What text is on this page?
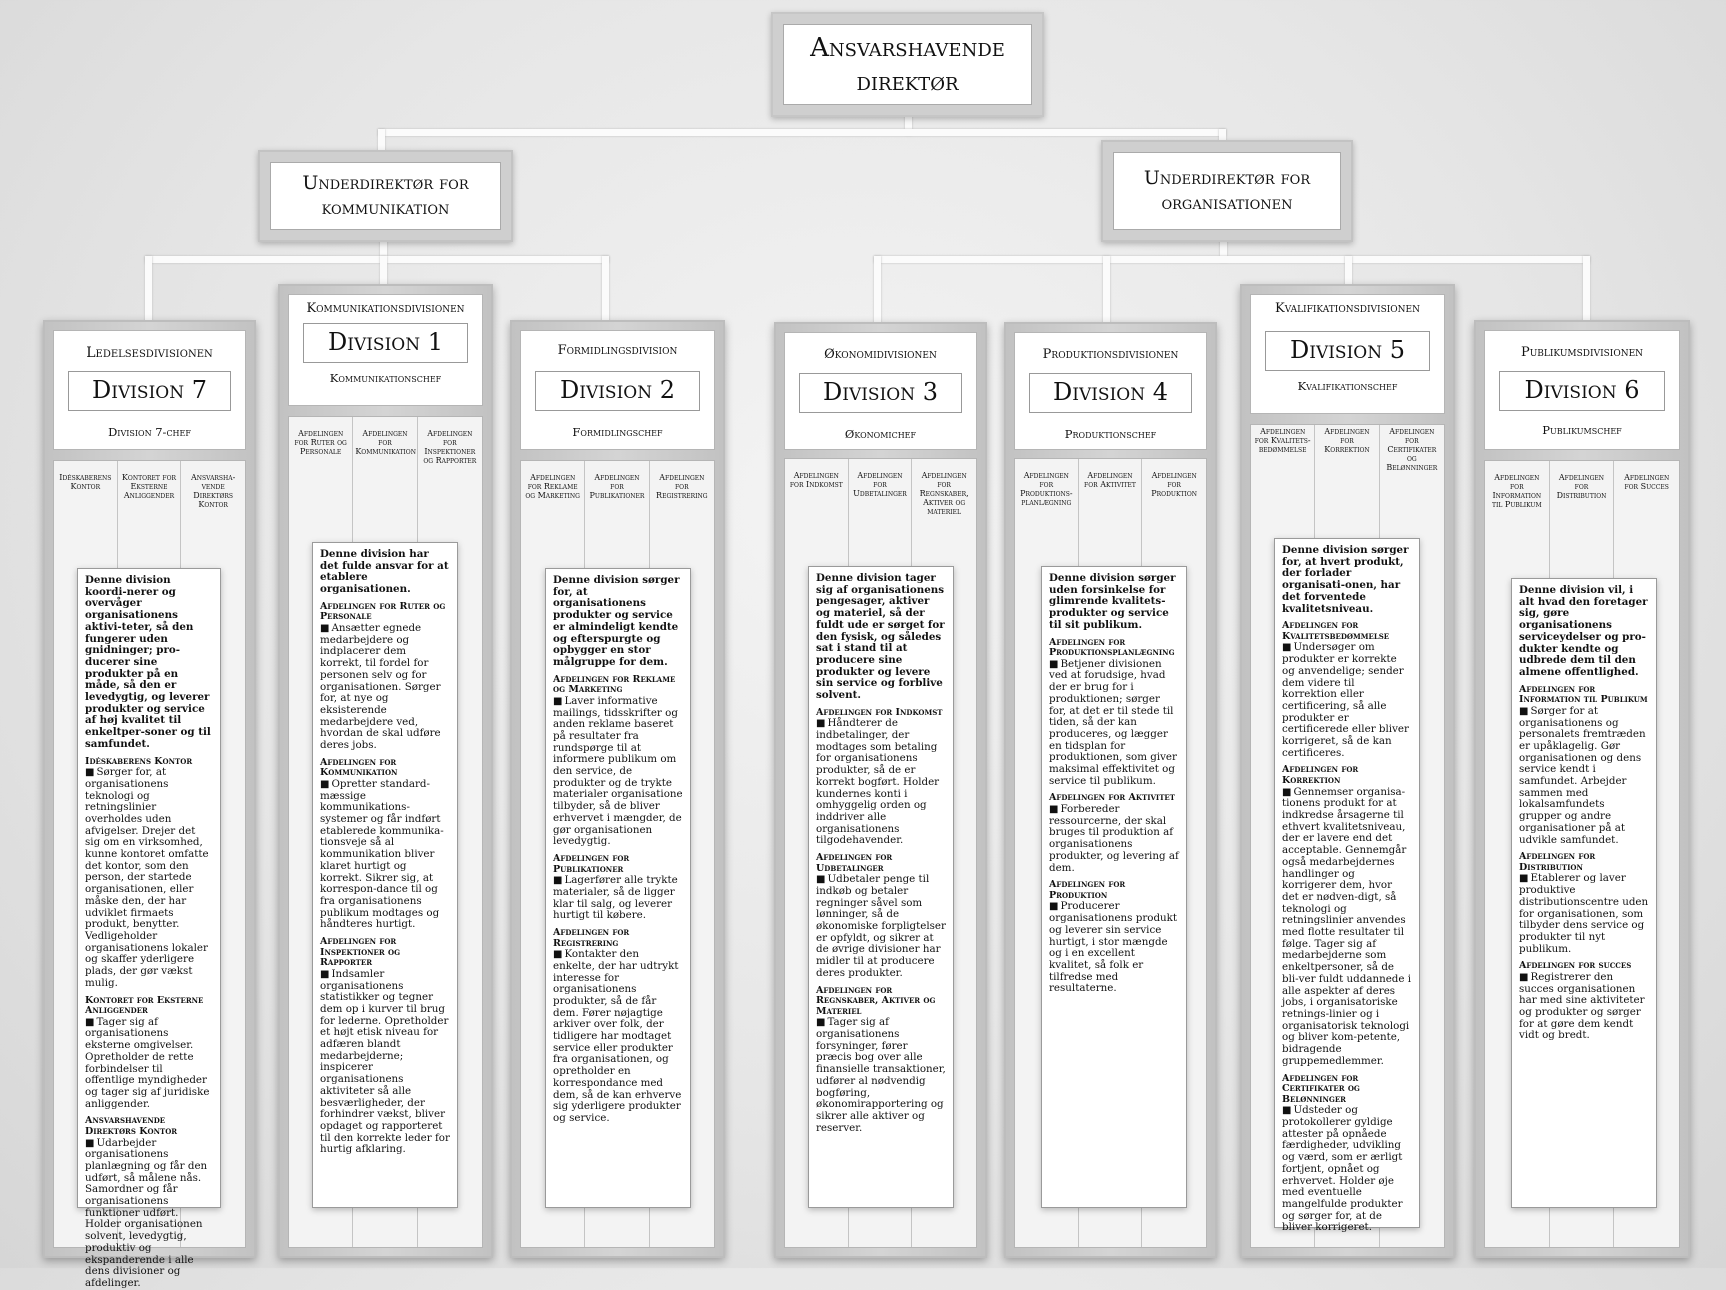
Ansvarshavende
direktør
Underdirektør for
kommunikation
Underdirektør for
organisationen
Ledelsesdivisionen
Division 7
Division 7-chef
Idéskaberens Kontor
Kontoret for Eksterne Anliggender
Ansvarsha-vende Direktørs Kontor
Denne division koordi-nerer og overvåger organisationens aktivi-teter, så den fungerer uden gnidninger; pro-ducerer sine produkter på en måde, så den er levedygtig, og leverer produkter og service af høj kvalitet til enkeltper-soner og til samfundet.
Idéskaberens Kontor
■ Sørger for, at organisationens teknologi og retningslinier overholdes uden afvigelser. Drejer det sig om en virksomhed, kunne kontoret omfatte det kontor, som den person, der startede organisationen, eller måske den, der har udviklet firmaets produkt, benytter. Vedligeholder organisationens lokaler og skaffer yderligere plads, der gør vækst mulig.
Kontoret for Eksterne Anliggender
■ Tager sig af organisationens eksterne omgivelser. Opretholder de rette forbindelser til offentlige myndigheder og tager sig af juridiske anliggender.
Ansvarshavende Direktørs Kontor
■ Udarbejder organisationens planlægning og får den udført, så målene nås. Samordner og får organisationens funktioner udført. Holder organisationen solvent, levedygtig, produktiv og ekspanderende i alle dens divisioner og afdelinger.
Kommunikationsdivisionen
Division 1
Kommunikationschef
Afdelingen for Ruter og Personale
Afdelingen for Kommunikation
Afdelingen for Inspektioner og Rapporter
Denne division har det fulde ansvar for at etablere organisationen.
Afdelingen for Ruter og Personale
■ Ansætter egnede medarbejdere og indplacerer dem korrekt, til fordel for personen selv og for organisationen. Sørger for, at nye og eksisterende medarbejdere ved, hvordan de skal udføre deres jobs.
Afdelingen for Kommunikation
■ Opretter standard-mæssige kommunikations-systemer og får indført etablerede kommunika-tionsveje så al kommunikation bliver klaret hurtigt og korrekt. Sikrer sig, at korrespon-dance til og fra organisationens publikum modtages og håndteres hurtigt.
Afdelingen for Inspektioner og Rapporter
■ Indsamler organisationens statistikker og tegner dem op i kurver til brug for lederne. Opretholder et højt etisk niveau for adfæren blandt medarbejderne; inspicerer organisationens aktiviteter så alle besværligheder, der forhindrer vækst, bliver opdaget og rapporteret til den korrekte leder for hurtig afklaring.
Formidlingsdivision
Division 2
Formidlingschef
Afdelingen for Reklame og Marketing
Afdelingen for Publikationer
Afdelingen for Registrering
Denne division sørger for, at organisationens produkter og service er almindeligt kendte og efterspurgte og opbygger en stor målgruppe for dem.
Afdelingen for Reklame og Marketing
■ Laver informative mailings, tidsskrifter og anden reklame baseret på resultater fra rundspørge til at informere publikum om den service, de produkter og de trykte materialer organisatione tilbyder, så de bliver erhvervet i mængder, de gør organisationen levedygtig.
Afdelingen for Publikationer
■ Lagerfører alle trykte materialer, så de ligger klar til salg, og leverer hurtigt til købere.
Afdelingen for Registrering
■ Kontakter den enkelte, der har udtrykt interesse for organisationens produkter, så de får dem. Fører nøjagtige arkiver over folk, der tidligere har modtaget service eller produkter fra organisationen, og opretholder en korrespondance med dem, så de kan erhverve sig yderligere produkter og service.
Økonomidivisionen
Division 3
Økonomichef
Afdelingen for Indkomst
Afdelingen for Udbetalinger
Afdelingen for Regnskaber, Aktiver og materiel
Denne division tager sig af organisationens pengesager, aktiver og materiel, så der fuldt ude er sørget for den fysisk, og således sat i stand til at producere sine produkter og levere sin service og forblive solvent.
Afdelingen for Indkomst
■ Håndterer de indbetalinger, der modtages som betaling for organisationens produkter, så de er korrekt bogført. Holder kundernes konti i omhyggelig orden og inddriver alle organisationens tilgodehavender.
Afdelingen for Udbetalinger
■ Udbetaler penge til indkøb og betaler regninger såvel som lønninger, så de økonomiske forpligtelser er opfyldt, og sikrer at de øvrige divisioner har midler til at producere deres produkter.
Afdelingen for Regnskaber, Aktiver og Materiel
■ Tager sig af organisationens forsyninger, fører præcis bog over alle finansielle transaktioner, udfører al nødvendig bogføring, økonomirapportering og sikrer alle aktiver og reserver.
Produktionsdivisionen
Division 4
Produktionschef
Afdelingen for Produktions-planlægning
Afdelingen for Aktivitet
Afdelingen for Produktion
Denne division sørger uden forsinkelse for glimrende kvalitets-produkter og service til sit publikum.
Afdelingen for Produktionsplanlægning
■ Betjener divisionen ved at forudsige, hvad der er brug for i produktionen; sørger for, at det er til stede til tiden, så der kan produceres, og lægger en tidsplan for produktionen, som giver maksimal effektivitet og service til publikum.
Afdelingen for Aktivitet
■ Forbereder ressourcerne, der skal bruges til produktion af organisationens produkter, og levering af dem.
Afdelingen for Produktion
■ Producerer organisationens produkt og leverer sin service hurtigt, i stor mængde og i en excellent kvalitet, så folk er tilfredse med resultaterne.
Kvalifikationsdivisionen
Division 5
Kvalifikationschef
Afdelingen for Kvalitets-bedømmelse
Afdelingen for Korrektion
Afdelingen for Certifikater og Belønninger
Denne division sørger for, at hvert produkt, der forlader organisati-onen, har det forventede kvalitetsniveau.
Afdelingen for Kvalitetsbedømmelse
■ Undersøger om produkter er korrekte og anvendelige; sender dem videre til korrektion eller certificering, så alle produkter er certificerede eller bliver korrigeret, så de kan certificeres.
Afdelingen for Korrektion
■ Gennemser organisa-tionens produkt for at indkredse årsagerne til ethvert kvalitetsniveau, der er lavere end det acceptable. Gennemgår også medarbejdernes handlinger og korrigerer dem, hvor det er nødven-digt, så teknologi og retningslinier anvendes med flotte resultater til følge. Tager sig af medarbejderne som enkeltpersoner, så de bli-ver fuldt uddannede i alle aspekter af deres jobs, i organisatoriske retnings-linier og i organisatorisk teknologi og bliver kom-petente, bidragende gruppemedlemmer.
Afdelingen for Certifikater og Belønninger
■ Udsteder og protokollerer gyldige attester på opnåede færdigheder, udvikling og værd, som er ærligt fortjent, opnået og erhvervet. Holder øje med eventuelle mangelfulde produkter og sørger for, at de bliver korrigeret.
Publikumsdivisionen
Division 6
Publikumschef
Afdelingen for Information til Publikum
Afdelingen for Distribution
Afdelingen for Succes
Denne division vil, i alt hvad den foretager sig, gøre organisationens serviceydelser og pro-dukter kendte og udbrede dem til den almene offentlighed.
Afdelingen for Information til Publikum
■ Sørger for at organisationens og personalets fremtræden er upåklagelig. Gør organisationen og dens service kendt i samfundet. Arbejder sammen med lokalsamfundets grupper og andre organisationer på at udvikle samfundet.
Afdelingen for Distribution
■ Etablerer og laver produktive distributionscentre uden for organisationen, som tilbyder dens service og produkter til nyt publikum.
Afdelingen for succes
■ Registrerer den succes organisationen har med sine aktiviteter og produkter og sørger for at gøre dem kendt vidt og bredt.
